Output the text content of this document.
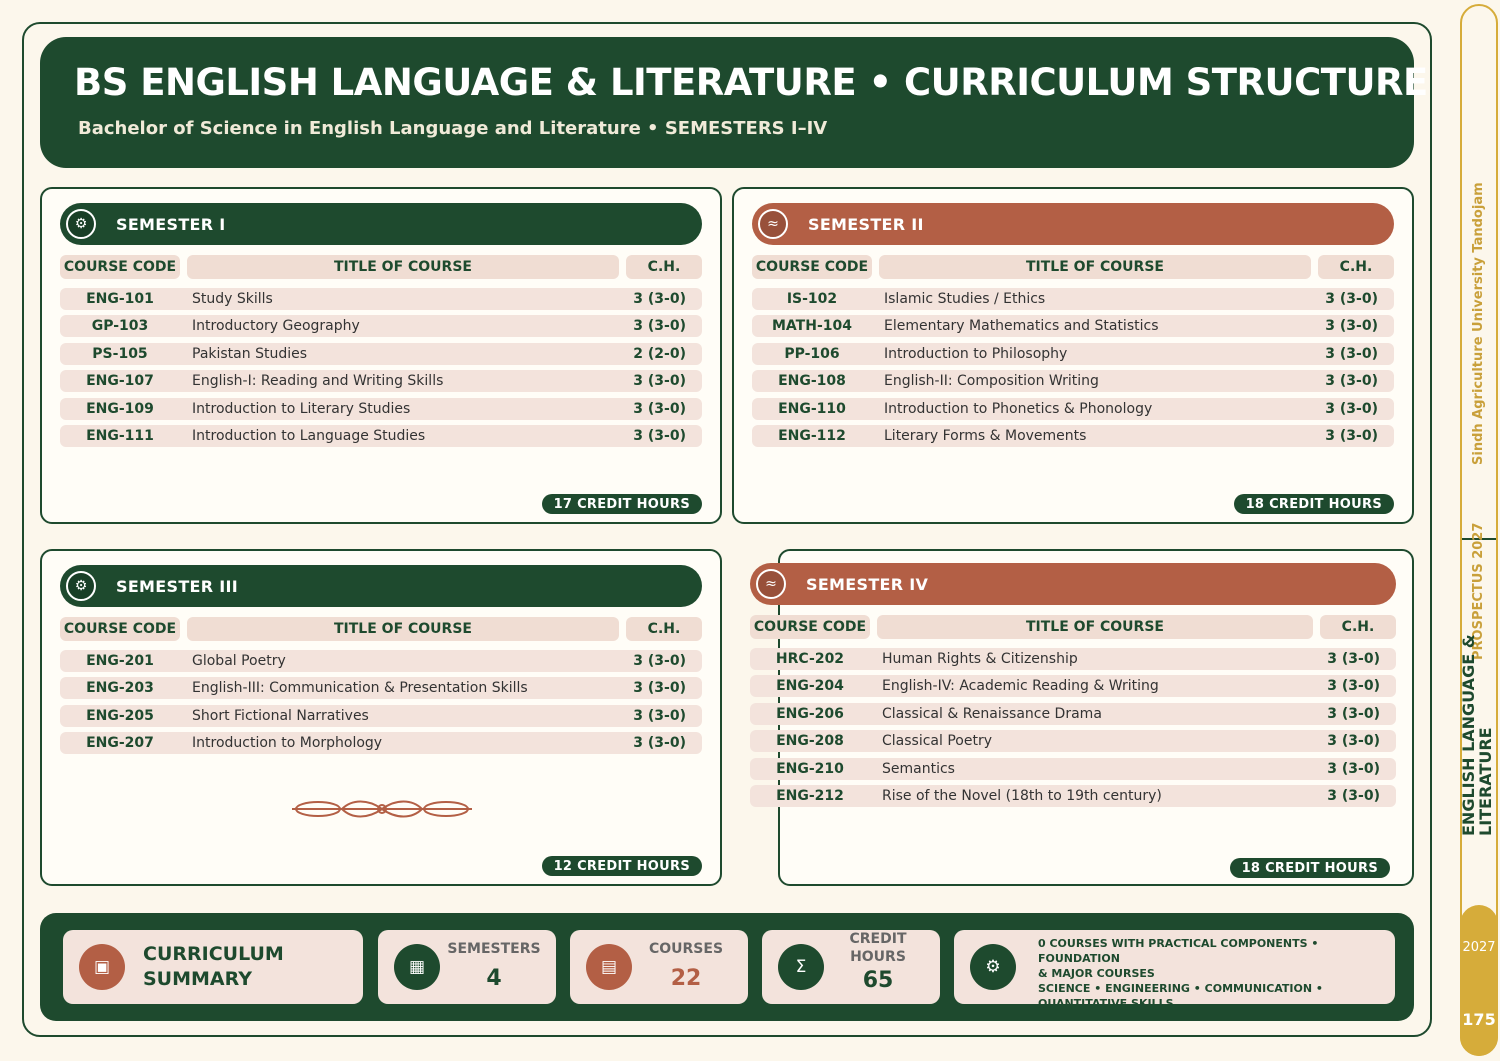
BS ENGLISH LANGUAGE & LITERATURE • CURRICULUM STRUCTURE
Bachelor of Science in English Language and Literature • SEMESTERS I–IV
⚙	SEMESTER I
COURSE CODE	TITLE OF COURSE	C.H.
ENG-101	Study Skills	3 (3-0)
GP-103	Introductory Geography	3 (3-0)
PS-105	Pakistan Studies	2 (2-0)
ENG-107	English-I: Reading and Writing Skills	3 (3-0)
ENG-109	Introduction to Literary Studies	3 (3-0)
ENG-111	Introduction to Language Studies	3 (3-0)
17 CREDIT HOURS
≈	SEMESTER II
COURSE CODE	TITLE OF COURSE	C.H.
IS-102	Islamic Studies / Ethics	3 (3-0)
MATH-104	Elementary Mathematics and Statistics	3 (3-0)
PP-106	Introduction to Philosophy	3 (3-0)
ENG-108	English-II: Composition Writing	3 (3-0)
ENG-110	Introduction to Phonetics & Phonology	3 (3-0)
ENG-112	Literary Forms & Movements	3 (3-0)
18 CREDIT HOURS
⚙	SEMESTER III
COURSE CODE	TITLE OF COURSE	C.H.
ENG-201	Global Poetry	3 (3-0)
ENG-203	English-III: Communication & Presentation Skills	3 (3-0)
ENG-205	Short Fictional Narratives	3 (3-0)
ENG-207	Introduction to Morphology	3 (3-0)
12 CREDIT HOURS
≈	SEMESTER IV
COURSE CODE	TITLE OF COURSE	C.H.
HRC-202	Human Rights & Citizenship	3 (3-0)
ENG-204	English-IV: Academic Reading & Writing	3 (3-0)
ENG-206	Classical & Renaissance Drama	3 (3-0)
ENG-208	Classical Poetry	3 (3-0)
ENG-210	Semantics	3 (3-0)
ENG-212	Rise of the Novel (18th to 19th century)	3 (3-0)
18 CREDIT HOURS
▣
CURRICULUM
SUMMARY
▦
SEMESTERS
4	▤
COURSES
22	Σ
CREDIT
HOURS
65
⚙
0 COURSES WITH PRACTICAL COMPONENTS • FOUNDATION
& MAJOR COURSES
SCIENCE • ENGINEERING • COMMUNICATION •
QUANTITATIVE SKILLS
Sindh Agriculture University Tandojam
PROSPECTUS 2027
ENGLISH LANGUAGE &
LITERATURE
2027
175
